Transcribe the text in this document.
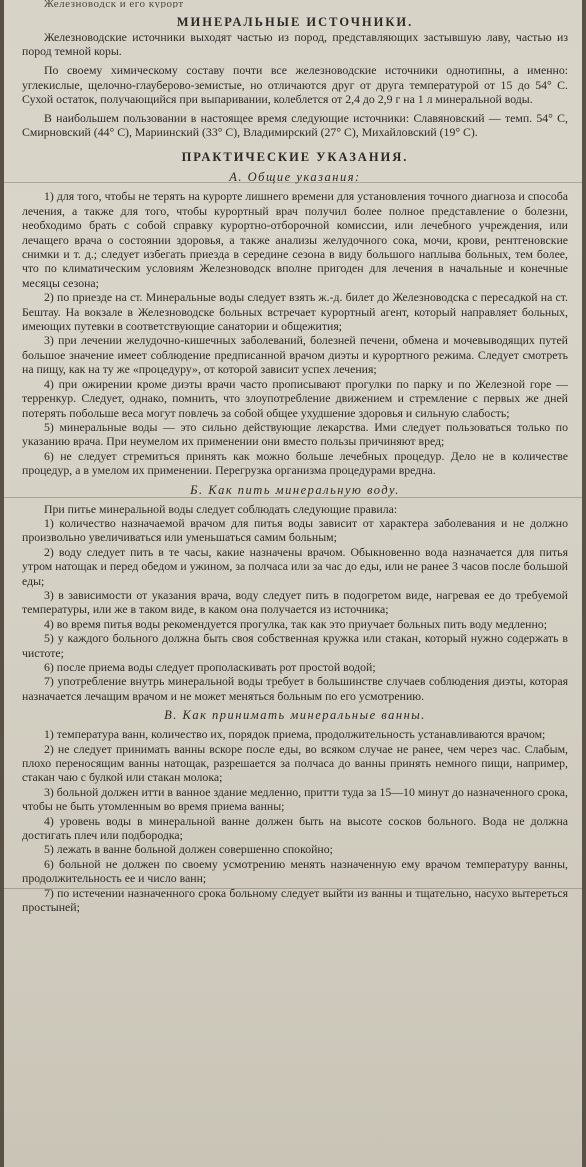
Железноводск и его курорт
МИНЕРАЛЬНЫЕ ИСТОЧНИКИ.

Железноводские источники выходят частью из пород, представляющих застывшую лаву, частью из пород темной коры.

По своему химическому составу почти все железноводские источники однотипны, а именно: углекислые, щелочно-глауберово-земистые, но отличаются друг от друга температурой от 15 до 54° С. Сухой остаток, получающийся при выпаривании, колеблется от 2,4 до 2,9 г на 1 л минеральной воды.

В наибольшем пользовании в настоящее время следующие источники: Славяновский — темп. 54° С, Смирновский (44° С), Мариинский (33° С), Владимирский (27° С), Михайловский (19° С).

ПРАКТИЧЕСКИЕ УКАЗАНИЯ.
А. Общие указания:

1) для того, чтобы не терять на курорте лишнего времени для установления точного диагноза и способа лечения, а также для того, чтобы курортный врач получил более полное представление о болезни, необходимо брать с собой справку курортно-отборочной комиссии, или лечебного учреждения, или лечащего врача о состоянии здоровья, а также анализы желудочного сока, мочи, крови, рентгеновские снимки и т. д.; следует избегать приезда в середине сезона в виду большого наплыва больных, тем более, что по климатическим условиям Железноводск вполне пригоден для лечения в начальные и конечные месяцы сезона;

2) по приезде на ст. Минеральные воды следует взять ж.-д. билет до Железноводска с пересадкой на ст. Бештау. На вокзале в Железноводске больных встречает курортный агент, который направляет больных, имеющих путевки в соответствующие санатории и общежития;

3) при лечении желудочно-кишечных заболеваний, болезней печени, обмена и мочевыводящих путей большое значение имеет соблюдение предписанной врачом диэты и курортного режима. Следует смотреть на пищу, как на ту же «процедуру», от которой зависит успех лечения;

4) при ожирении кроме диэты врачи часто прописывают прогулки по парку и по Железной горе — терренкур. Следует, однако, помнить, что злоупотребление движением и стремление с первых же дней потерять побольше веса могут повлечь за собой общее ухудшение здоровья и сильную слабость;

5) минеральные воды — это сильно действующие лекарства. Ими следует пользоваться только по указанию врача. При неумелом их применении они вместо пользы причиняют вред;

6) не следует стремиться принять как можно больше лечебных процедур. Дело не в количестве процедур, а в умелом их применении. Перегрузка организма процедурами вредна.

Б. Как пить минеральную воду.

При питье минеральной воды следует соблюдать следующие правила:

1) количество назначаемой врачом для питья воды зависит от характера заболевания и не должно произвольно увеличиваться или уменьшаться самим больным;

2) воду следует пить в те часы, какие назначены врачом. Обыкновенно вода назначается для питья утром натощак и перед обедом и ужином, за полчаса или за час до еды, или не ранее 3 часов после большой еды;

3) в зависимости от указания врача, воду следует пить в подогретом виде, нагревая ее до требуемой температуры, или же в таком виде, в каком она получается из источника;

4) во время питья воды рекомендуется прогулка, так как это приучает больных пить воду медленно;

5) у каждого больного должна быть своя собственная кружка или стакан, который нужно содержать в чистоте;

6) после приема воды следует прополаскивать рот простой водой;

7) употребление внутрь минеральной воды требует в большинстве случаев соблюдения диэты, которая назначается лечащим врачом и не может меняться больным по его усмотрению.

В. Как принимать минеральные ванны.

1) температура ванн, количество их, порядок приема, продолжительность устанавливаются врачом;

2) не следует принимать ванны вскоре после еды, во всяком случае не ранее, чем через час. Слабым, плохо переносящим ванны натощак, разрешается за полчаса до ванны принять немного пищи, например, стакан чаю с булкой или стакан молока;

3) больной должен итти в ванное здание медленно, притти туда за 15—10 минут до назначенного срока, чтобы не быть утомленным во время приема ванны;

4) уровень воды в минеральной ванне должен быть на высоте сосков больного. Вода не должна достигать плеч или подбородка;

5) лежать в ванне больной должен совершенно спокойно;

6) больной не должен по своему усмотрению менять назначенную ему врачом температуру ванны, продолжительность ее и число ванн;

7) по истечении назначенного срока больному следует выйти из ванны и тщательно, насухо вытереться простыней;
